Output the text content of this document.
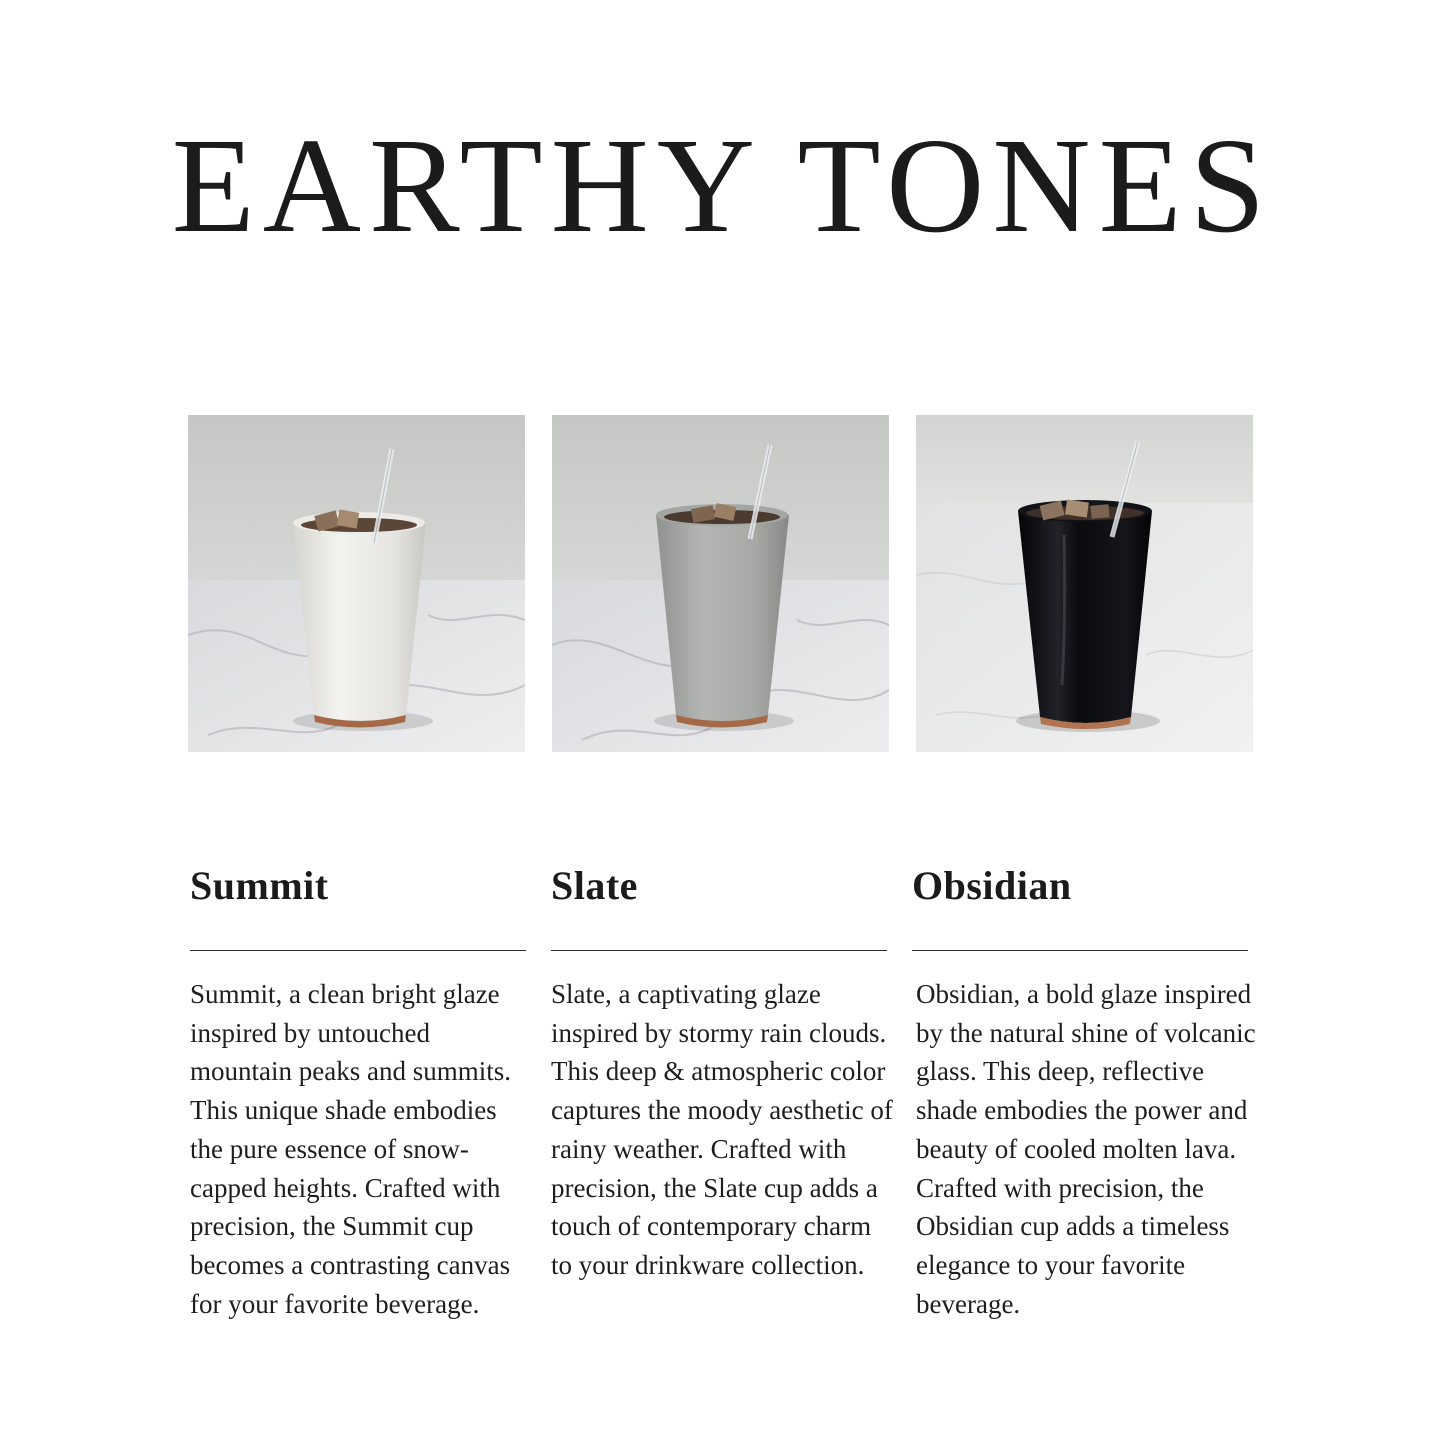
EARTHY TONES
Summit

Summit, a clean bright glaze inspired by untouched mountain peaks and summits. This unique shade embodies the pure essence of snow-capped heights. Crafted with precision, the Summit cup becomes a contrasting canvas for your favorite beverage.

Slate

Slate, a captivating glaze inspired by stormy rain clouds. This deep & atmospheric color captures the moody aesthetic of rainy weather. Crafted with precision, the Slate cup adds a touch of contemporary charm to your drinkware collection.

Obsidian

Obsidian, a bold glaze inspired by the natural shine of volcanic glass. This deep, reflective shade embodies the power and beauty of cooled molten lava. Crafted with precision, the Obsidian cup adds a timeless elegance to your favorite beverage.
